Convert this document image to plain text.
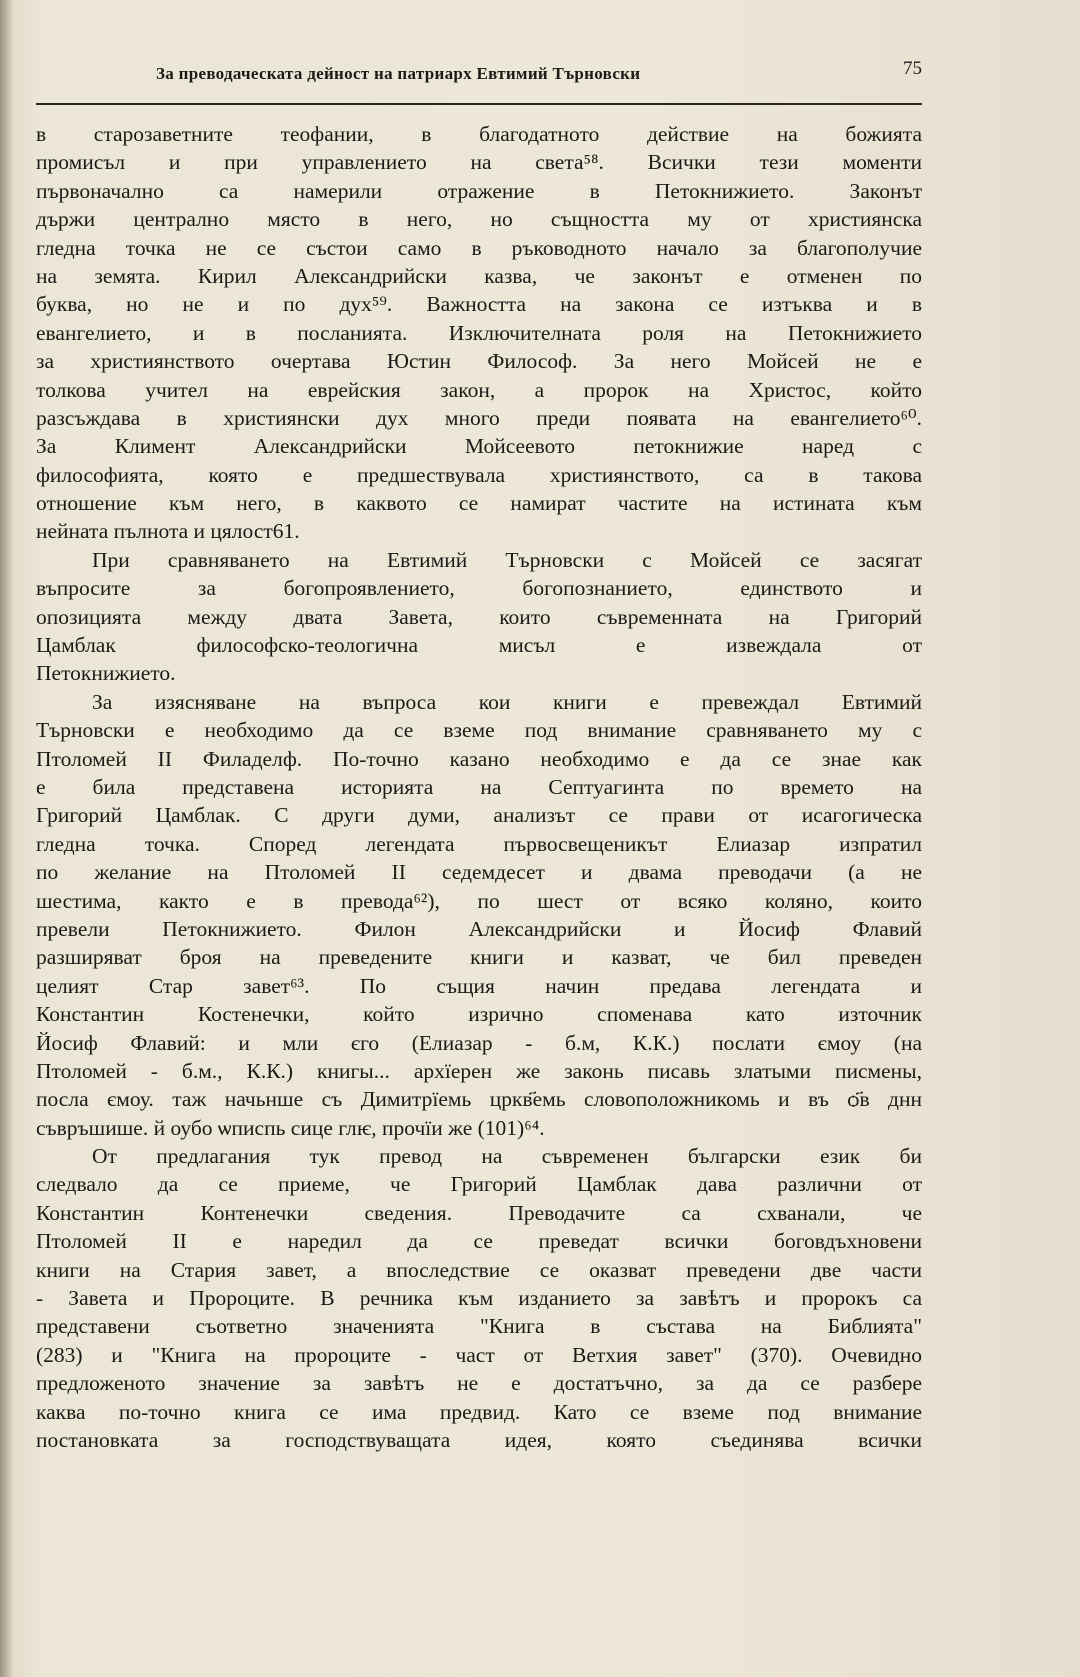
За преводаческата дейност на патриарх Евтимий Търновски	75
в старозаветните теофании, в благодатното действие на божията
промисъл и при управлението на света⁵⁸. Всички тези моменти
първоначално са намерили отражение в Петокнижието. Законът
държи централно място в него, но същността му от християнска
гледна точка не се състои само в ръководното начало за благополучие
на земята. Кирил Александрийски казва, че законът е отменен по
буква, но не и по дух⁵⁹. Важността на закона се изтъква и в
евангелието, и в посланията. Изключителната роля на Петокнижието
за християнството очертава Юстин Философ. За него Мойсей не е
толкова учител на еврейския закон, а пророк на Христос, който
разсъждава в християнски дух много преди появата на евангелието⁶⁰.
За Климент Александрийски Мойсеевото петокнижие наред с
философията, която е предшествувала християнството, са в такова
отношение към него, в каквото се намират частите на истината към
нейната пълнота и цялост61.
При сравняването на Евтимий Търновски с Мойсей се засягат
въпросите за богопроявлението, богопознанието, единството и
опозицията между двата Завета, които съвременната на Григорий
Цамблак философско-теологична мисъл е извеждала от
Петокнижието.
За изясняване на въпроса кои книги е превеждал Евтимий
Търновски е необходимо да се вземе под внимание сравняването му с
Птоломей II Филаделф. По-точно казано необходимо е да се знае как
е била представена историята на Септуагинта по времето на
Григорий Цамблак. С други думи, анализът се прави от исагогическа
гледна точка. Според легендата първосвещеникът Елиазар изпратил
по желание на Птоломей II седемдесет и двама преводачи (а не
шестима, както е в превода⁶²), по шест от всяко коляно, които
превели Петокнижието. Филон Александрийски и Йосиф Флавий
разширяват броя на преведените книги и казват, че бил преведен
целият Стар завет⁶³. По същия начин предава легендата и
Константин Костенечки, който изрично споменава като източник
Йосиф Флавий: и мли єго (Елиазар - б.м, К.К.) послати ємоу (на
Птоломей - б.м., К.К.) книгы... архїерен же законь писавь златыми писмены,
посла ємоу. таж начьнше съ Димитрїемь цркв҃емь словоположникомь и въ ѻ҃в днн
съвръшише. й оубо ѡписпь сице глѥ, прочїи же (101)⁶⁴.
От предлагания тук превод на съвременен български език би
следвало да се приеме, че Григорий Цамблак дава различни от
Константин Контенечки сведения. Преводачите са схванали, че
Птоломей II е наредил да се преведат всички боговдъхновени
книги на Стария завет, а впоследствие се оказват преведени две части
- Завета и Пророците. В речника към изданието за завѣтъ и пророкъ са
представени съответно значенията "Книга в състава на Библията"
(283) и "Книга на пророците - част от Ветхия завет" (370). Очевидно
предложеното значение за завѣтъ не е достатъчно, за да се разбере
каква по-точно книга се има предвид. Като се вземе под внимание
постановката за господствуващата идея, която съединява всички
